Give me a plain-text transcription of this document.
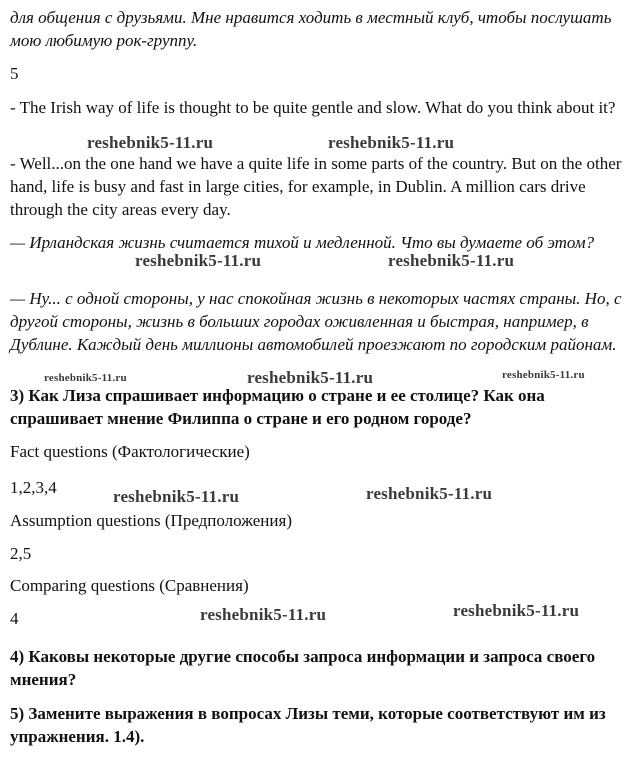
для общения с друзьями. Мне нравится ходить в местный клуб, чтобы послушать мою любимую рок-группу.

5

- The Irish way of life is thought to be quite gentle and slow. What do you think about it?

- Well...on the one hand we have a quite life in some parts of the country. But on the other hand, life is busy and fast in large cities, for example, in Dublin. A million cars drive through the city areas every day.

— Ирландская жизнь считается тихой и медленной. Что вы думаете об этом?

— Ну... с одной стороны, у нас спокойная жизнь в некоторых частях страны. Но, с другой стороны, жизнь в больших городах оживленная и быстрая, например, в Дублине. Каждый день миллионы автомобилей проезжают по городским районам.

3) Как Лиза спрашивает информацию о стране и ее столице? Как она спрашивает мнение Филиппа о стране и его родном городе?

Fact questions (Фактологические)

1,2,3,4

Assumption questions (Предположения)

2,5

Comparing questions (Сравнения)

4

4) Каковы некоторые другие способы запроса информации и запроса своего мнения?

5) Замените выражения в вопросах Лизы теми, которые соответствуют им из упражнения. 1.4).

reshebnik5-11.ru	reshebnik5-11.ru
reshebnik5-11.ru	reshebnik5-11.ru
reshebnik5-11.ru	reshebnik5-11.ru	reshebnik5-11.ru
reshebnik5-11.ru	reshebnik5-11.ru
reshebnik5-11.ru	reshebnik5-11.ru
